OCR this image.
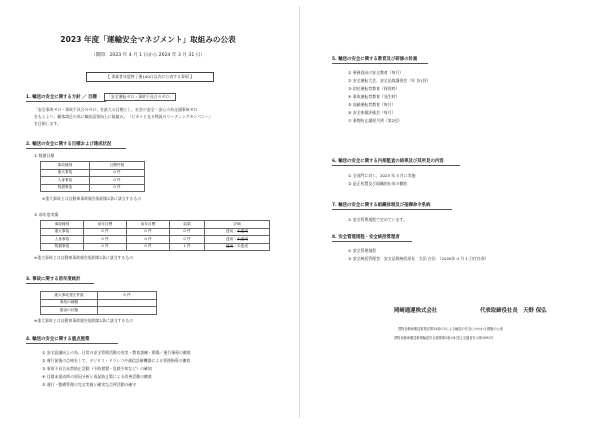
2023 年度「運輸安全マネジメント」取組みの公表
（期間：2023 年 4 月 1 日から 2024 年 3 月 31 日）
【 事業者年度終了後100日以内に公表する事項 】
1. 輸送の安全に関する方針 ／ 目標	「安全運転ゼロ・事故不具合のゼロ」
「安全事故ゼロ・事故不具合のゼロ」を最大の目標とし、社会の安全・安心の為交通事故ゼロ
をもとより、顧客満足の為に輸送品質向上に取組み、『ピカリと光る物流のリーディングカンパニー』
を目指します。
2. 輸送の安全に関する目標および達成状況
① 数値目標
事故種別	目標件数
重大事故	0 件
人身事故	0 件
物損事故	0 件
※重大事故とは自動車事故報告規則第2条に該当するもの
② 前年度実績
事故種別	前年目標	前年目標	結果	評価
重大事故	0 件	0 件	0 件	達成・未達成
人身事故	0 件	0 件	0 件	達成・未達成
物損事故	0 件	0 件	1 件	達成・未達成
※重大事故とは自動車事故報告規則第2条に該当するもの
3. 事故に関する前年度統計
重大事故発生件数	0 件
事故の種類	
損害の状態	
※重大事故とは自動車事故報告規則第2条に該当するもの
4. 輸送の安全に関する重点施策
① 安全意識向上の為、日常の安全管理活動の充実・教育訓練・掲場／運行指導の徹底
② 運行前後の点検をして、デジタコ・ドラレコや通信診断機器による管理指導の徹底
③ 事故不具合未然防止活動（予防措置・危険予知など）の確知
④ 目標未達成時の原因分析と再発防止策による改善活動の徹底
⑤ 運行・整備管理の完全実施と確実な点呼活動の確守
5. 輸送の安全に関する教育及び研修の計画
① 乗務員向け安全教育（毎月）
② 安全運転大会、安全品質講習会（年 各1回）
③ 初任運転者教育（採用時）
④ 事故運転者教育（発生時）
⑤ 高齢運転者教育（毎月）
⑥ 安全体操評価会（毎月）
⑦ 事物防止講習月例（第2回）
6. 輸送の安全に関する内部監査の結果及び其所見の内容
① 全部門に対し、2023 年 3 月に実施
② 是正処置及び組織的伝承の徹底
7. 輸送の安全に関する組織体制及び指揮命令系統
① 安全管理規程で定めています。
8. 安全管理規程・安全統括管理者
① 安全管理規程
② 安全統括管理者：安全品質統括部長　太田 吉治　（2020年 4 月 1 日付任命）
岡崎通運株式会社	代表取締役社長　天野 保弘
貨物自動車運送事業法第24条の3による輸送の安全にかかわる情報の公表
貨物自動車運送事業輸送安全規則第2条の8 国土交通省告示第1091号
